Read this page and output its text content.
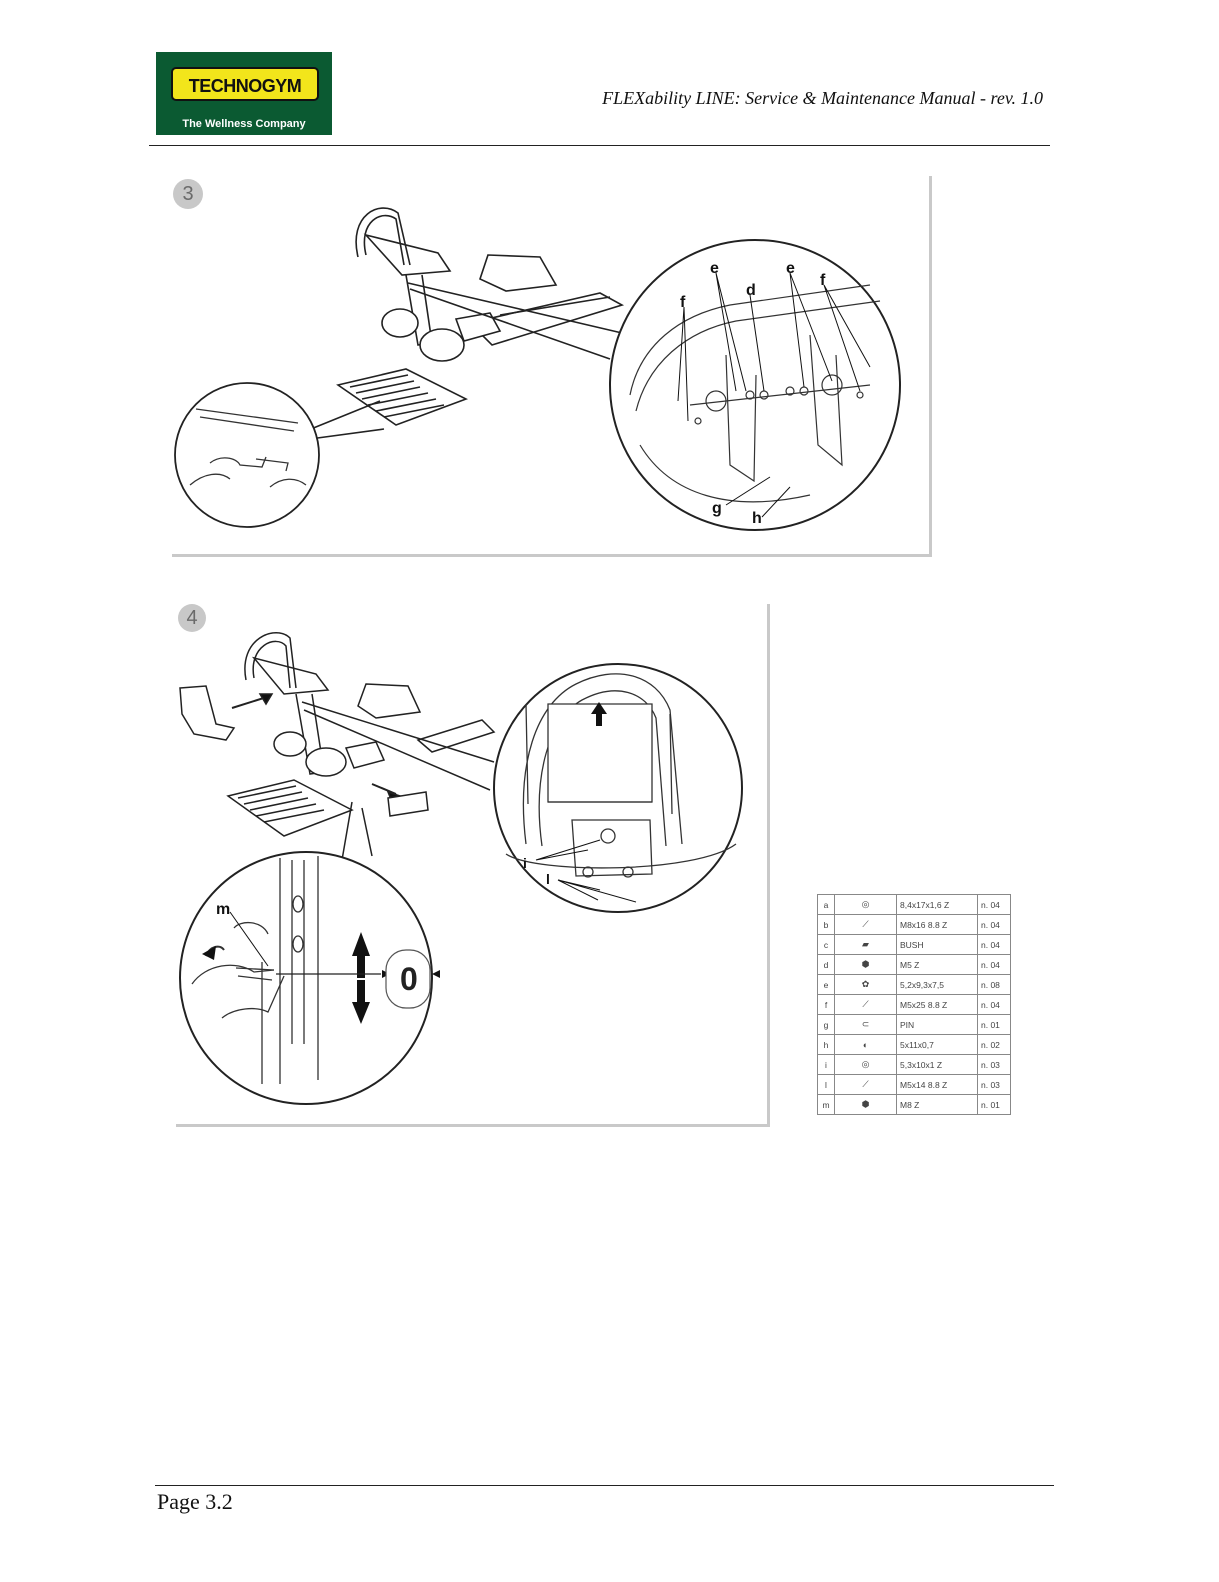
TECHNOGYM
The Wellness Company
FLEXability LINE: Service & Maintenance Manual - rev. 1.0
3
e
d
e
f
f
g
h
4
0
m
i
l
a	◎	8,4x17x1,6 Z	n. 04
b	⟋	M8x16 8.8 Z	n. 04
c	▰	BUSH	n. 04
d	⬢	M5 Z	n. 04
e	✿	5,2x9,3x7,5	n. 08
f	⟋	M5x25 8.8 Z	n. 04
g	⊂	PIN	n. 01
h	◐	5x11x0,7	n. 02
i	◎	5,3x10x1 Z	n. 03
l	⟋	M5x14 8.8 Z	n. 03
m	⬢	M8 Z	n. 01
Page 3.2
